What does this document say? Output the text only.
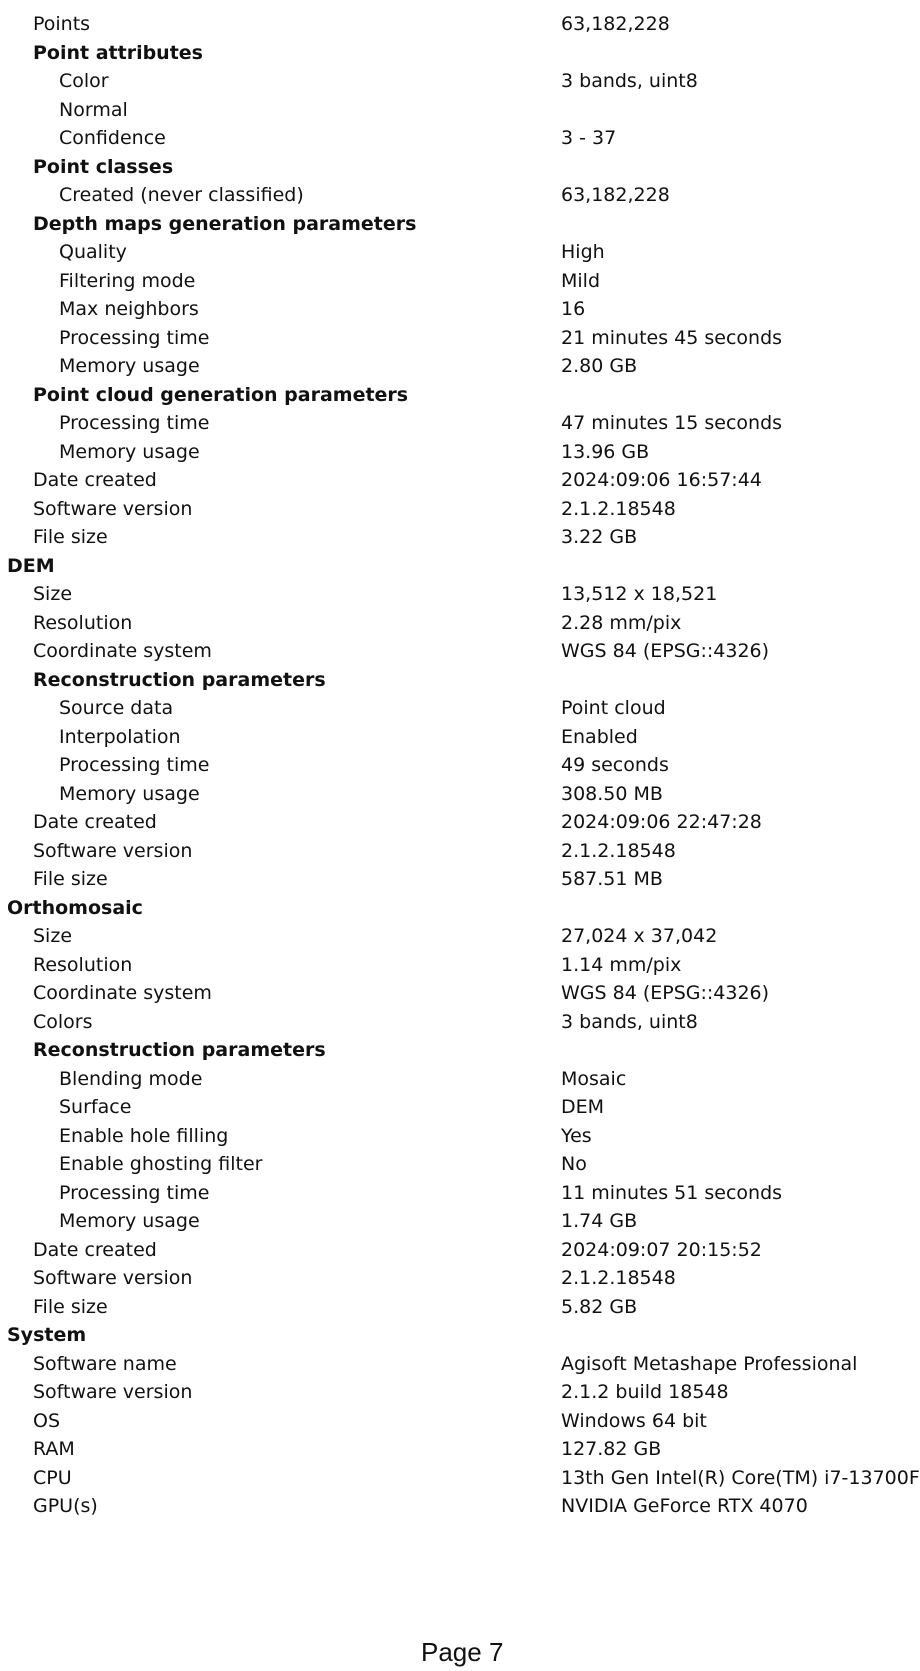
Points	63,182,228
Point attributes
Color	3 bands, uint8
Normal
Confidence	3 - 37
Point classes
Created (never classified)	63,182,228
Depth maps generation parameters
Quality	High
Filtering mode	Mild
Max neighbors	16
Processing time	21 minutes 45 seconds
Memory usage	2.80 GB
Point cloud generation parameters
Processing time	47 minutes 15 seconds
Memory usage	13.96 GB
Date created	2024:09:06 16:57:44
Software version	2.1.2.18548
File size	3.22 GB
DEM
Size	13,512 x 18,521
Resolution	2.28 mm/pix
Coordinate system	WGS 84 (EPSG::4326)
Reconstruction parameters
Source data	Point cloud
Interpolation	Enabled
Processing time	49 seconds
Memory usage	308.50 MB
Date created	2024:09:06 22:47:28
Software version	2.1.2.18548
File size	587.51 MB
Orthomosaic
Size	27,024 x 37,042
Resolution	1.14 mm/pix
Coordinate system	WGS 84 (EPSG::4326)
Colors	3 bands, uint8
Reconstruction parameters
Blending mode	Mosaic
Surface	DEM
Enable hole filling	Yes
Enable ghosting filter	No
Processing time	11 minutes 51 seconds
Memory usage	1.74 GB
Date created	2024:09:07 20:15:52
Software version	2.1.2.18548
File size	5.82 GB
System
Software name	Agisoft Metashape Professional
Software version	2.1.2 build 18548
OS	Windows 64 bit
RAM	127.82 GB
CPU	13th Gen Intel(R) Core(TM) i7-13700F
GPU(s)	NVIDIA GeForce RTX 4070
Page 7
